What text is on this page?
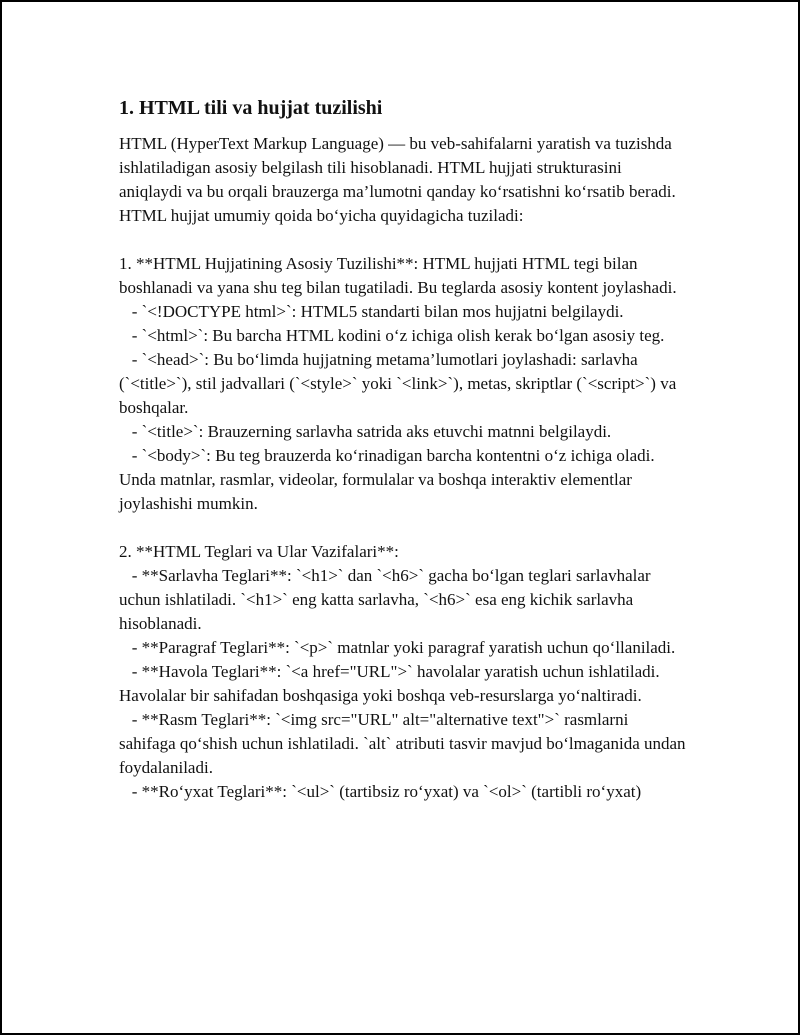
1. HTML tili va hujjat tuzilishi

HTML (HyperText Markup Language) — bu veb-sahifalarni yaratish va tuzishda ishlatiladigan asosiy belgilash tili hisoblanadi. HTML hujjati strukturasini aniqlaydi va bu orqali brauzerga ma’lumotni qanday ko‘rsatishni ko‘rsatib beradi. HTML hujjat umumiy qoida bo‘yicha quyidagicha tuziladi:

1. **HTML Hujjatining Asosiy Tuzilishi**: HTML hujjati HTML tegi bilan boshlanadi va yana shu teg bilan tugatiladi. Bu teglarda asosiy kontent joylashadi.

- `<!DOCTYPE html>`: HTML5 standarti bilan mos hujjatni belgilaydi.

- `<html>`: Bu barcha HTML kodini o‘z ichiga olish kerak bo‘lgan asosiy teg.

- `<head>`: Bu bo‘limda hujjatning metama’lumotlari joylashadi: sarlavha (`<title>`), stil jadvallari (`<style>` yoki `<link>`), metas, skriptlar (`<script>`) va boshqalar.

- `<title>`: Brauzerning sarlavha satrida aks etuvchi matnni belgilaydi.

- `<body>`: Bu teg brauzerda ko‘rinadigan barcha kontentni o‘z ichiga oladi. Unda matnlar, rasmlar, videolar, formulalar va boshqa interaktiv elementlar joylashishi mumkin.

2. **HTML Teglari va Ular Vazifalari**:

- **Sarlavha Teglari**: `<h1>` dan `<h6>` gacha bo‘lgan teglari sarlavhalar uchun ishlatiladi. `<h1>` eng katta sarlavha, `<h6>` esa eng kichik sarlavha hisoblanadi.

- **Paragraf Teglari**: `<p>` matnlar yoki paragraf yaratish uchun qo‘llaniladi.

- **Havola Teglari**: `<a href="URL">` havolalar yaratish uchun ishlatiladi. Havolalar bir sahifadan boshqasiga yoki boshqa veb-resurslarga yo‘naltiradi.

- **Rasm Teglari**: `<img src="URL" alt="alternative text">` rasmlarni sahifaga qo‘shish uchun ishlatiladi. `alt` atributi tasvir mavjud bo‘lmaganida undan foydalaniladi.

- **Ro‘yxat Teglari**: `<ul>` (tartibsiz ro‘yxat) va `<ol>` (tartibli ro‘yxat)
